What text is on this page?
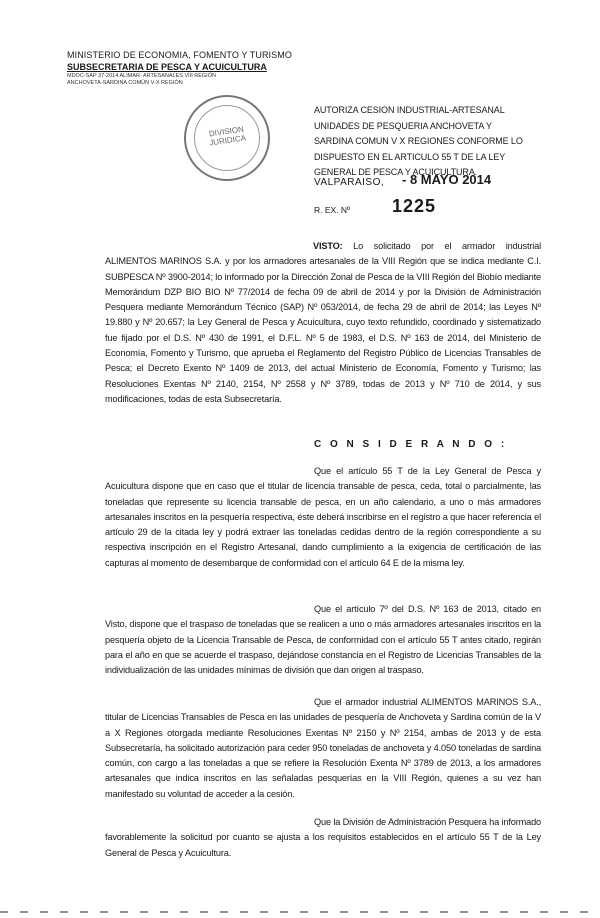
MINISTERIO DE ECONOMIA, FOMENTO Y TURISMO
SUBSECRETARIA DE PESCA Y ACUICULTURA
MDOC-SAP 37-2014 ALIMAR- ARTESANALES VIII REGIÓN
ANCHOVETA-SARDINA COMÚN V-X REGIÓN
DIVISION JURIDICA
AUTORIZA CESION INDUSTRIAL-ARTESANAL UNIDADES DE PESQUERIA ANCHOVETA Y SARDINA COMUN V X REGIONES CONFORME LO DISPUESTO EN EL ARTICULO 55 T DE LA LEY GENERAL DE PESCA Y ACUICULTURA.
VALPARAISO, - 8 MAYO 2014
R. EX. Nº 1225

VISTO: Lo solicitado por el armador industrial ALIMENTOS MARINOS S.A. y por los armadores artesanales de la VIII Región que se indica mediante C.I. SUBPESCA Nº 3900-2014; lo informado por la Dirección Zonal de Pesca de la VIII Región del Biobío mediante Memorándum DZP BIO BIO Nº 77/2014 de fecha 09 de abril de 2014 y por la División de Administración Pesquera mediante Memorándum Técnico (SAP) Nº 053/2014, de fecha 29 de abril de 2014; las Leyes Nº 19.880 y Nº 20.657; la Ley General de Pesca y Acuicultura, cuyo texto refundido, coordinado y sistematizado fue fijado por el D.S. Nº 430 de 1991, el D.F.L. Nº 5 de 1983, el D.S. Nº 163 de 2014, del Ministerio de Economía, Fomento y Turismo, que aprueba el Reglamento del Registro Público de Licencias Transables de Pesca; el Decreto Exento Nº 1409 de 2013, del actual Ministerio de Economía, Fomento y Turismo; las Resoluciones Exentas Nº 2140, 2154, Nº 2558 y Nº 3789, todas de 2013 y Nº 710 de 2014, y sus modificaciones, todas de esta Subsecretaría.

C O N S I D E R A N D O :

Que el artículo 55 T de la Ley General de Pesca y Acuicultura dispone que en caso que el titular de licencia transable de pesca, ceda, total o parcialmente, las toneladas que represente su licencia transable de pesca, en un año calendario, a uno o más armadores artesanales inscritos en la pesquería respectiva, éste deberá inscribirse en el registro a que hacer referencia el artículo 29 de la citada ley y podrá extraer las toneladas cedidas dentro de la región correspondiente a su respectiva inscripción en el Registro Artesanal, dando cumplimiento a la exigencia de certificación de las capturas al momento de desembarque de conformidad con el artículo 64 E de la misma ley.

Que el artículo 7º del D.S. Nº 163 de 2013, citado en Visto, dispone que el traspaso de toneladas que se realicen a uno o más armadores artesanales inscritos en la pesquería objeto de la Licencia Transable de Pesca, de conformidad con el artículo 55 T antes citado, regirán para el año en que se acuerde el traspaso, dejándose constancia en el Registro de Licencias Transables de la individualización de las unidades mínimas de división que dan origen al traspaso.

Que el armador industrial ALIMENTOS MARINOS S.A., titular de Licencias Transables de Pesca en las unidades de pesquería de Anchoveta y Sardina común de la V a X Regiones otorgada mediante Resoluciones Exentas Nº 2150 y Nº 2154, ambas de 2013 y de esta Subsecretaría, ha solicitado autorización para ceder 950 toneladas de anchoveta y 4.050 toneladas de sardina común, con cargo a las toneladas a que se refiere la Resolución Exenta Nº 3789 de 2013, a los armadores artesanales que indica inscritos en las señaladas pesquerías en la VIII Región, quienes a su vez han manifestado su voluntad de acceder a la cesión.

Que la División de Administración Pesquera ha informado favorablemente la solicitud por cuanto se ajusta a los requisitos establecidos en el artículo 55 T de la Ley General de Pesca y Acuicultura.
